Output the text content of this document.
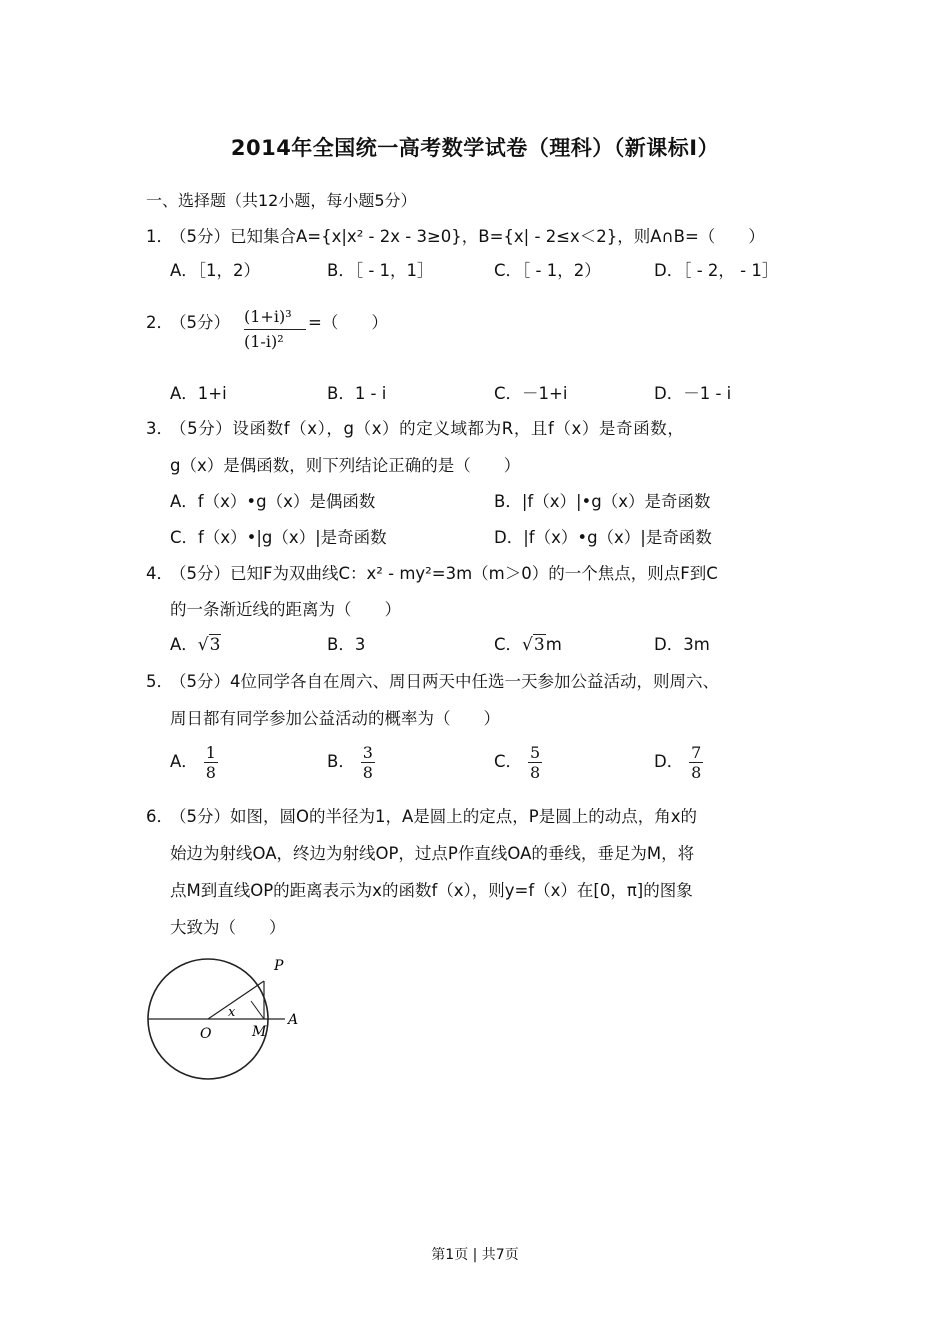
2014年全国统一高考数学试卷（理科）（新课标Ⅰ）
一、选择题（共12小题，每小题5分）
1．
（5分）已知集合A={x|x² - 2x - 3≥0}，B={x| - 2≤x＜2}，则A∩B=（　　）
A．［1，2）	B．［ - 1，1］	C．［ - 1，2）	D．［ - 2， - 1］
2．
（5分） $\frac{\text{(1+i)³}}{\text{(1-i)²}}$ =（　　）
A．1+i	B．1 - i	C．－1+i	D．－1 - i
3．
（5分）设函数f（x），g（x）的定义域都为R，且f（x）是奇函数，
g（x）是偶函数，则下列结论正确的是（　　）
A．f（x）•g（x）是偶函数	B．|f（x）|•g（x）是奇函数
C．f（x）•|g（x）|是奇函数	D．|f（x）•g（x）|是奇函数
4．
（5分）已知F为双曲线C：x² - my²=3m（m＞0）的一个焦点，则点F到C
的一条渐近线的距离为（　　）
A．√3	B．3	C．√3m	D．3m
5．
（5分）4位同学各自在周六、周日两天中任选一天参加公益活动，则周六、
周日都有同学参加公益活动的概率为（　　）
A． $\frac{1}{8}$	B． $\frac{3}{8}$	C． $\frac{5}{8}$	D． $\frac{7}{8}$
6．
（5分）如图，圆O的半径为1，A是圆上的定点，P是圆上的动点，角x的
始边为射线OA，终边为射线OP，过点P作直线OA的垂线，垂足为M，将
点M到直线OP的距离表示为x的函数f（x），则y=f（x）在[0，π]的图象
大致为（　　）
P
O	M
A
x
第1页 | 共7页
